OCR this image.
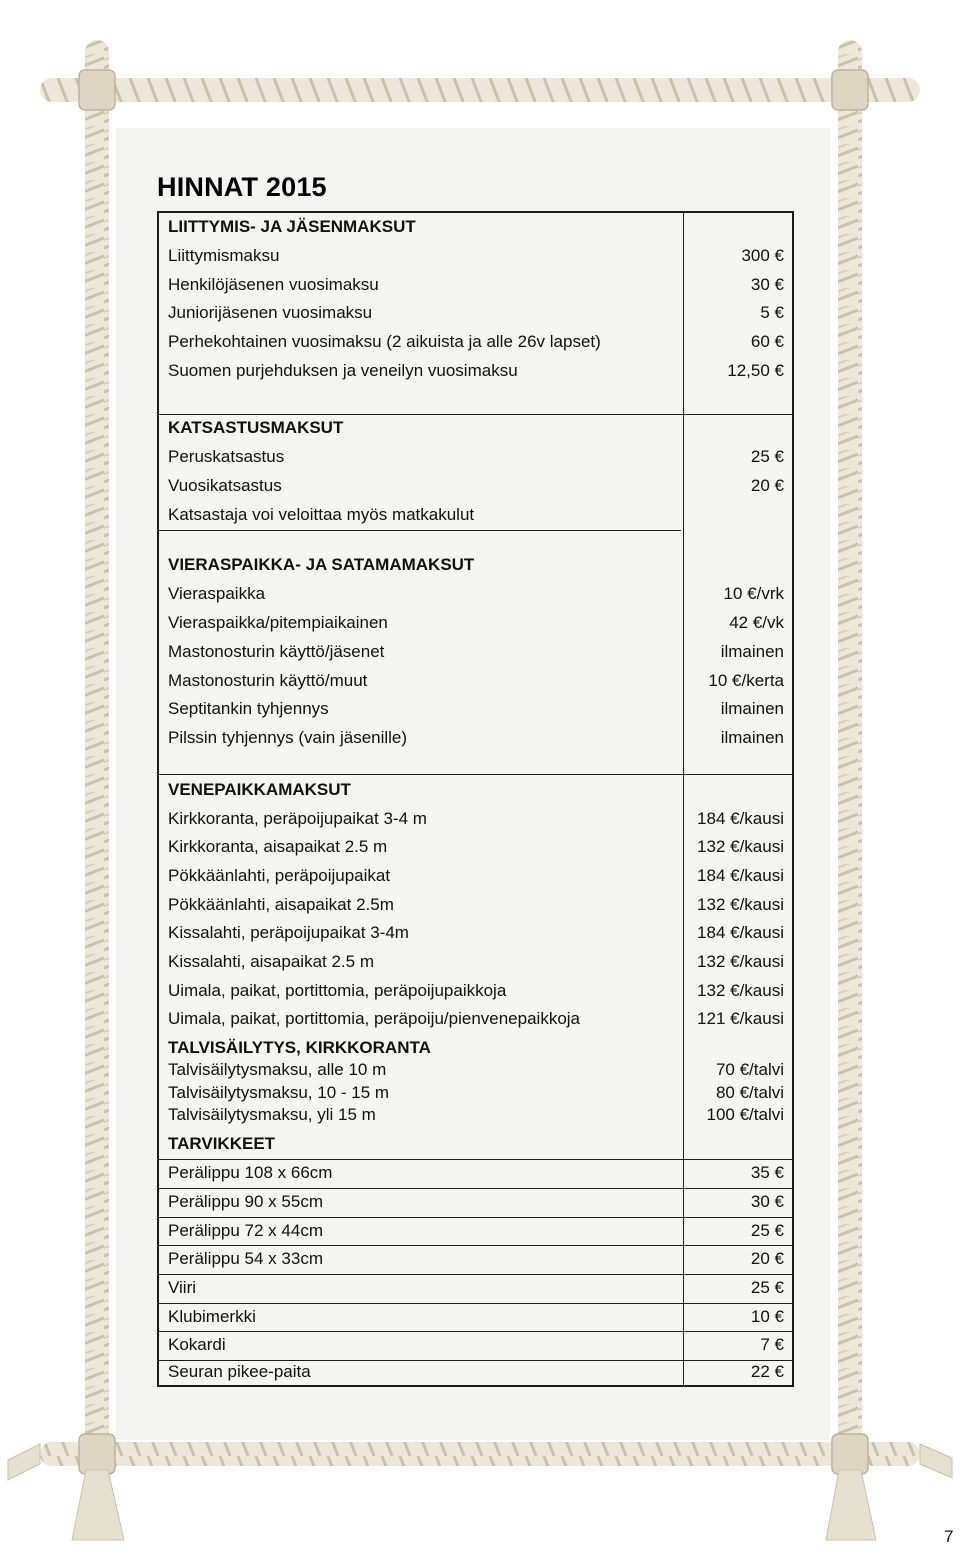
HINNAT 2015
LIITTYMIS- JA JÄSENMAKSUT
Liittymismaksu	300 €
Henkilöjäsenen vuosimaksu	30 €
Juniorijäsenen vuosimaksu	5 €
Perhekohtainen vuosimaksu (2 aikuista ja alle 26v lapset)	60 €
Suomen purjehduksen ja veneilyn vuosimaksu	12,50 €
KATSASTUSMAKSUT
Peruskatsastus	25 €
Vuosikatsastus	20 €
Katsastaja voi veloittaa myös matkakulut
VIERASPAIKKA- JA SATAMAMAKSUT
Vieraspaikka	10 €/vrk
Vieraspaikka/pitempiaikainen	42 €/vk
Mastonosturin käyttö/jäsenet	ilmainen
Mastonosturin käyttö/muut	10 €/kerta
Septitankin tyhjennys	ilmainen
Pilssin tyhjennys (vain jäsenille)	ilmainen
VENEPAIKKAMAKSUT
Kirkkoranta, peräpoijupaikat 3-4 m	184 €/kausi
Kirkkoranta, aisapaikat 2.5 m	132 €/kausi
Pökkäänlahti, peräpoijupaikat	184 €/kausi
Pökkäänlahti, aisapaikat 2.5m	132 €/kausi
Kissalahti, peräpoijupaikat 3-4m	184 €/kausi
Kissalahti, aisapaikat 2.5 m	132 €/kausi
Uimala, paikat, portittomia, peräpoijupaikkoja	132 €/kausi
Uimala, paikat, portittomia, peräpoiju/pienvenepaikkoja	121 €/kausi
TALVISÄILYTYS, KIRKKORANTA
Talvisäilytysmaksu, alle 10 m	70 €/talvi
Talvisäilytysmaksu, 10 - 15 m	80 €/talvi
Talvisäilytysmaksu, yli 15 m	100 €/talvi
TARVIKKEET
Perälippu 108 x 66cm	35 €
Perälippu 90 x 55cm	30 €
Perälippu 72 x 44cm	25 €
Perälippu 54 x 33cm	20 €
Viiri	25 €
Klubimerkki	10 €
Kokardi	7 €
Seuran pikee-paita	22 €
7
